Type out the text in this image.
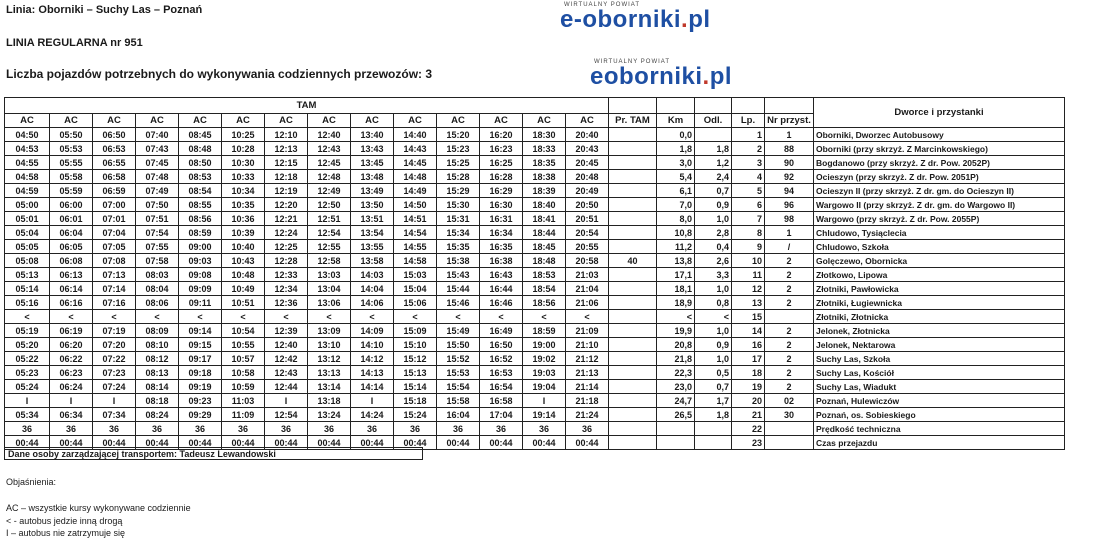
Linia: Oborniki – Suchy Las – Poznań
LINIA REGULARNA nr 951
Liczba pojazdów potrzebnych do wykonywania codziennych przewozów: 3
WIRTUALNY POWIAT
e-oborniki.pl
WIRTUALNY POWIAT
eoborniki.pl
TAM																			Dworce i przystanki
AC	AC	AC	AC	AC	AC	AC	AC	AC	AC	AC	AC	AC	AC	Pr. TAM	Km	Odl.	Lp.	Nr przyst.	
04:50	05:50	06:50	07:40	08:45	10:25	12:10	12:40	13:40	14:40	15:20	16:20	18:30	20:40		0,0		1	1	Oborniki, Dworzec Autobusowy
04:53	05:53	06:53	07:43	08:48	10:28	12:13	12:43	13:43	14:43	15:23	16:23	18:33	20:43		1,8	1,8	2	88	Oborniki (przy skrzyż. Z Marcinkowskiego)
04:55	05:55	06:55	07:45	08:50	10:30	12:15	12:45	13:45	14:45	15:25	16:25	18:35	20:45		3,0	1,2	3	90	Bogdanowo (przy skrzyż. Z dr. Pow. 2052P)
04:58	05:58	06:58	07:48	08:53	10:33	12:18	12:48	13:48	14:48	15:28	16:28	18:38	20:48		5,4	2,4	4	92	Ocieszyn (przy skrzyż. Z dr. Pow. 2051P)
04:59	05:59	06:59	07:49	08:54	10:34	12:19	12:49	13:49	14:49	15:29	16:29	18:39	20:49		6,1	0,7	5	94	Ocieszyn II (przy skrzyż. Z dr. gm. do Ocieszyn II)
05:00	06:00	07:00	07:50	08:55	10:35	12:20	12:50	13:50	14:50	15:30	16:30	18:40	20:50		7,0	0,9	6	96	Wargowo II (przy skrzyż. Z dr. gm. do Wargowo II)
05:01	06:01	07:01	07:51	08:56	10:36	12:21	12:51	13:51	14:51	15:31	16:31	18:41	20:51		8,0	1,0	7	98	Wargowo (przy skrzyż. Z dr. Pow. 2055P)
05:04	06:04	07:04	07:54	08:59	10:39	12:24	12:54	13:54	14:54	15:34	16:34	18:44	20:54		10,8	2,8	8	1	Chludowo, Tysiąclecia
05:05	06:05	07:05	07:55	09:00	10:40	12:25	12:55	13:55	14:55	15:35	16:35	18:45	20:55		11,2	0,4	9	/	Chludowo, Szkoła
05:08	06:08	07:08	07:58	09:03	10:43	12:28	12:58	13:58	14:58	15:38	16:38	18:48	20:58	40	13,8	2,6	10	2	Golęczewo, Obornicka
05:13	06:13	07:13	08:03	09:08	10:48	12:33	13:03	14:03	15:03	15:43	16:43	18:53	21:03		17,1	3,3	11	2	Złotkowo, Lipowa
05:14	06:14	07:14	08:04	09:09	10:49	12:34	13:04	14:04	15:04	15:44	16:44	18:54	21:04		18,1	1,0	12	2	Złotniki, Pawłowicka
05:16	06:16	07:16	08:06	09:11	10:51	12:36	13:06	14:06	15:06	15:46	16:46	18:56	21:06		18,9	0,8	13	2	Złotniki, Ługiewnicka
<	<	<	<	<	<	<	<	<	<	<	<	<	<		<	<	15		Złotniki, Złotnicka
05:19	06:19	07:19	08:09	09:14	10:54	12:39	13:09	14:09	15:09	15:49	16:49	18:59	21:09		19,9	1,0	14	2	Jelonek, Złotnicka
05:20	06:20	07:20	08:10	09:15	10:55	12:40	13:10	14:10	15:10	15:50	16:50	19:00	21:10		20,8	0,9	16	2	Jelonek, Nektarowa
05:22	06:22	07:22	08:12	09:17	10:57	12:42	13:12	14:12	15:12	15:52	16:52	19:02	21:12		21,8	1,0	17	2	Suchy Las, Szkoła
05:23	06:23	07:23	08:13	09:18	10:58	12:43	13:13	14:13	15:13	15:53	16:53	19:03	21:13		22,3	0,5	18	2	Suchy Las, Kościół
05:24	06:24	07:24	08:14	09:19	10:59	12:44	13:14	14:14	15:14	15:54	16:54	19:04	21:14		23,0	0,7	19	2	Suchy Las, Wiadukt
I	I	I	08:18	09:23	11:03	I	13:18	I	15:18	15:58	16:58	I	21:18		24,7	1,7	20	02	Poznań, Hulewiczów
05:34	06:34	07:34	08:24	09:29	11:09	12:54	13:24	14:24	15:24	16:04	17:04	19:14	21:24		26,5	1,8	21	30	Poznań, os. Sobieskiego
36	36	36	36	36	36	36	36	36	36	36	36	36	36				22		Prędkość techniczna
00:44	00:44	00:44	00:44	00:44	00:44	00:44	00:44	00:44	00:44	00:44	00:44	00:44	00:44				23		Czas przejazdu
Dane osoby zarządzającej transportem: Tadeusz Lewandowski
Objaśnienia:
AC – wszystkie kursy wykonywane codziennie
< - autobus jedzie inną drogą
I – autobus nie zatrzymuje się
